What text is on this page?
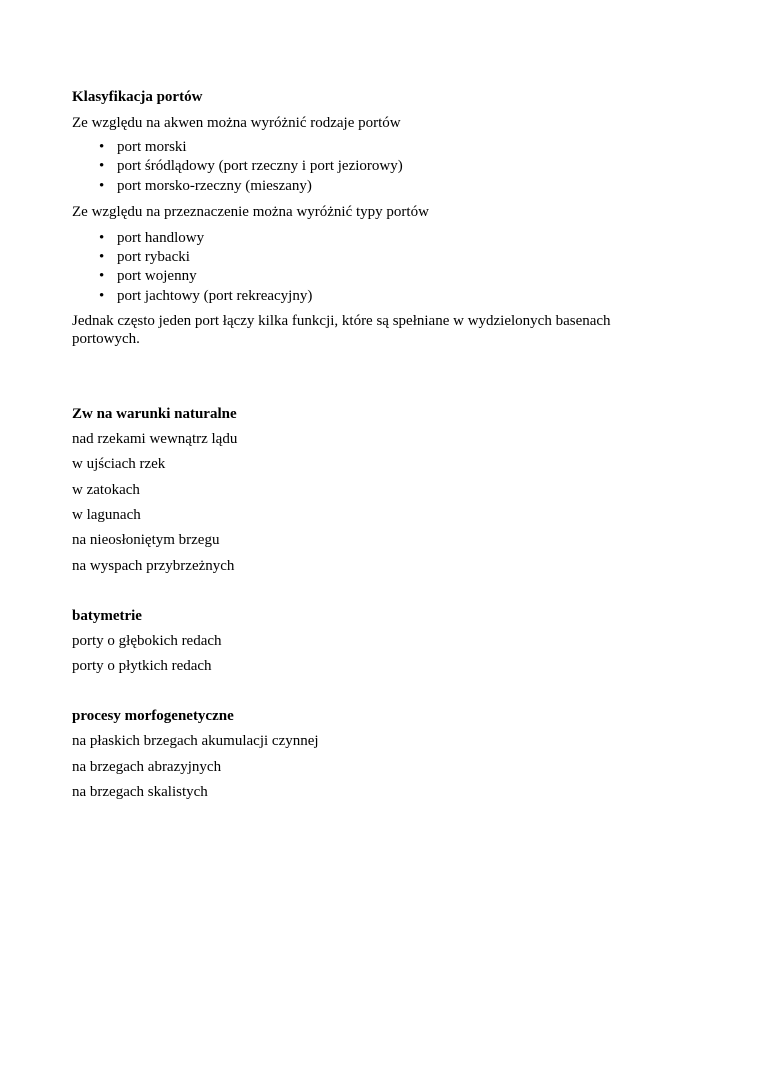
Klasyfikacja portów

Ze względu na akwen można wyróżnić rodzaje portów

• port morski
• port śródlądowy (port rzeczny i port jeziorowy)
• port morsko-rzeczny (mieszany)

Ze względu na przeznaczenie można wyróżnić typy portów

• port handlowy
• port rybacki
• port wojenny
• port jachtowy (port rekreacyjny)

Jednak często jeden port łączy kilka funkcji, które są spełniane w wydzielonych basenach

portowych.

Zw na warunki naturalne

nad rzekami wewnątrz lądu
w ujściach rzek
w zatokach
w lagunach
na nieosłoniętym brzegu
na wyspach przybrzeżnych

batymetrie

porty o głębokich redach
porty o płytkich redach

procesy morfogenetyczne

na płaskich brzegach akumulacji czynnej
na brzegach abrazyjnych
na brzegach skalistych
